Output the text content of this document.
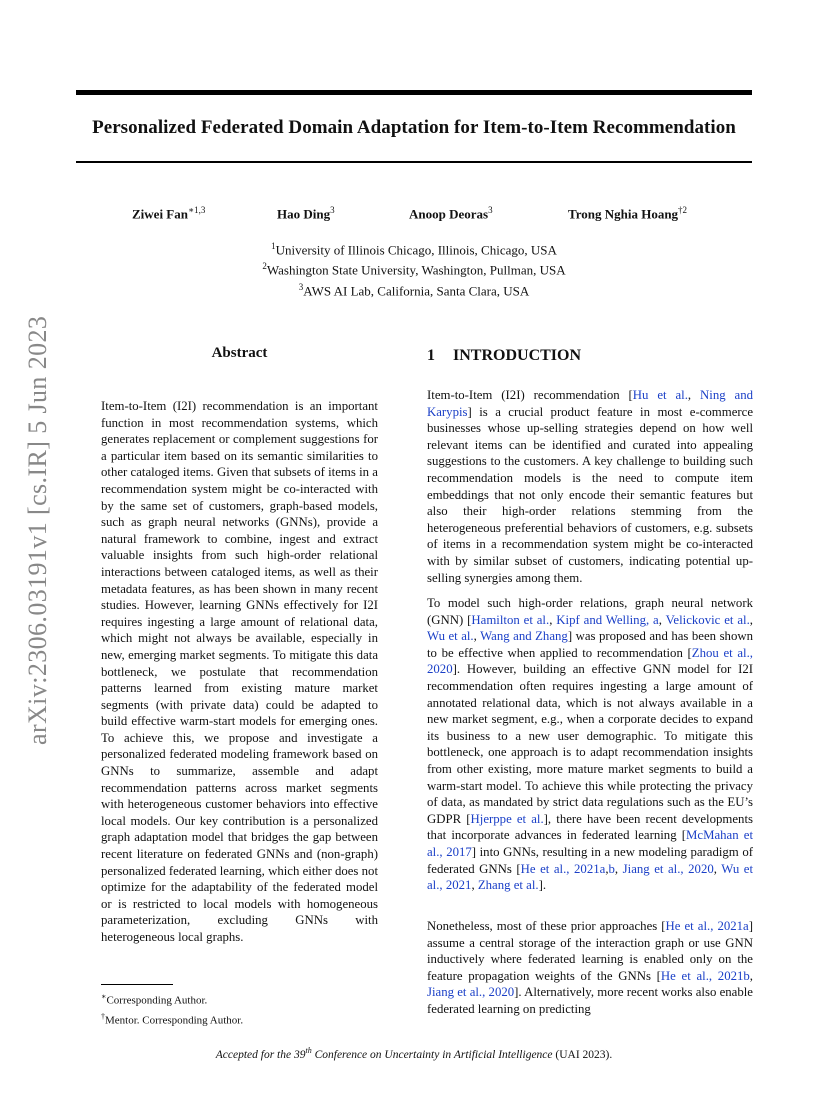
Personalized Federated Domain Adaptation for Item-to-Item Recommendation
Ziwei Fan$^{∗1,3}$	Hao Ding$^3$	Anoop Deoras$^3$	Trong Nghia Hoang$^{\dagger 2}$
$^1$University of Illinois Chicago, Illinois, Chicago, USA
$^2$Washington State University, Washington, Pullman, USA
$^3$AWS AI Lab, California, Santa Clara, USA
arXiv:2306.03191v1 [cs.IR] 5 Jun 2023	Abstract
Item-to-Item (I2I) recommendation is an important function in most recommendation systems, which generates replacement or complement suggestions for a particular item based on its semantic similarities to other cataloged items. Given that subsets of items in a recommendation system might be co-interacted with by the same set of customers, graph-based models, such as graph neural networks (GNNs), provide a natural framework to combine, ingest and extract valuable insights from such high-order relational interactions between cataloged items, as well as their metadata features, as has been shown in many recent studies. However, learning GNNs effectively for I2I requires ingesting a large amount of relational data, which might not always be available, especially in new, emerging market segments. To mitigate this data bottleneck, we postulate that recommendation patterns learned from existing mature market segments (with private data) could be adapted to build effective warm-start models for emerging ones. To achieve this, we propose and investigate a personalized federated modeling framework based on GNNs to summarize, assemble and adapt recommendation patterns across market segments with heterogeneous customer behaviors into effective local models. Our key contribution is a personalized graph adaptation model that bridges the gap between recent literature on federated GNNs and (non-graph) personalized federated learning, which either does not optimize for the adaptability of the federated model or is restricted to local models with homogeneous parameterization, excluding GNNs with heterogeneous local graphs.
1 INTRODUCTION
Item-to-Item (I2I) recommendation [Hu et al., Ning and Karypis] is a crucial product feature in most e-commerce businesses whose up-selling strategies depend on how well relevant items can be identified and curated into appealing suggestions to the customers. A key challenge to building such recommendation models is the need to compute item embeddings that not only encode their semantic features but also their high-order relations stemming from the heterogeneous preferential behaviors of customers, e.g. subsets of items in a recommendation system might be co-interacted with by similar subset of customers, indicating potential up-selling synergies among them.
To model such high-order relations, graph neural network (GNN) [Hamilton et al., Kipf and Welling, a, Velickovic et al., Wu et al., Wang and Zhang] was proposed and has been shown to be effective when applied to recommendation [Zhou et al., 2020]. However, building an effective GNN model for I2I recommendation often requires ingesting a large amount of annotated relational data, which is not always available in a new market segment, e.g., when a corporate decides to expand its business to a new user demographic. To mitigate this bottleneck, one approach is to adapt recommendation insights from other existing, more mature market segments to build a warm-start model. To achieve this while protecting the privacy of data, as mandated by strict data regulations such as the EU’s GDPR [Hjerppe et al.], there have been recent developments that incorporate advances in federated learning [McMahan et al., 2017] into GNNs, resulting in a new modeling paradigm of federated GNNs [He et al., 2021a,b, Jiang et al., 2020, Wu et al., 2021, Zhang et al.].
Nonetheless, most of these prior approaches [He et al., 2021a] assume a central storage of the interaction graph or use GNN inductively where federated learning is enabled only on the feature propagation weights of the GNNs [He et al., 2021b, Jiang et al., 2020]. Alternatively, more recent works also enable federated learning on predicting
∗Corresponding Author.
†Mentor. Corresponding Author.
Accepted for the 39th Conference on Uncertainty in Artificial Intelligence (UAI 2023).
